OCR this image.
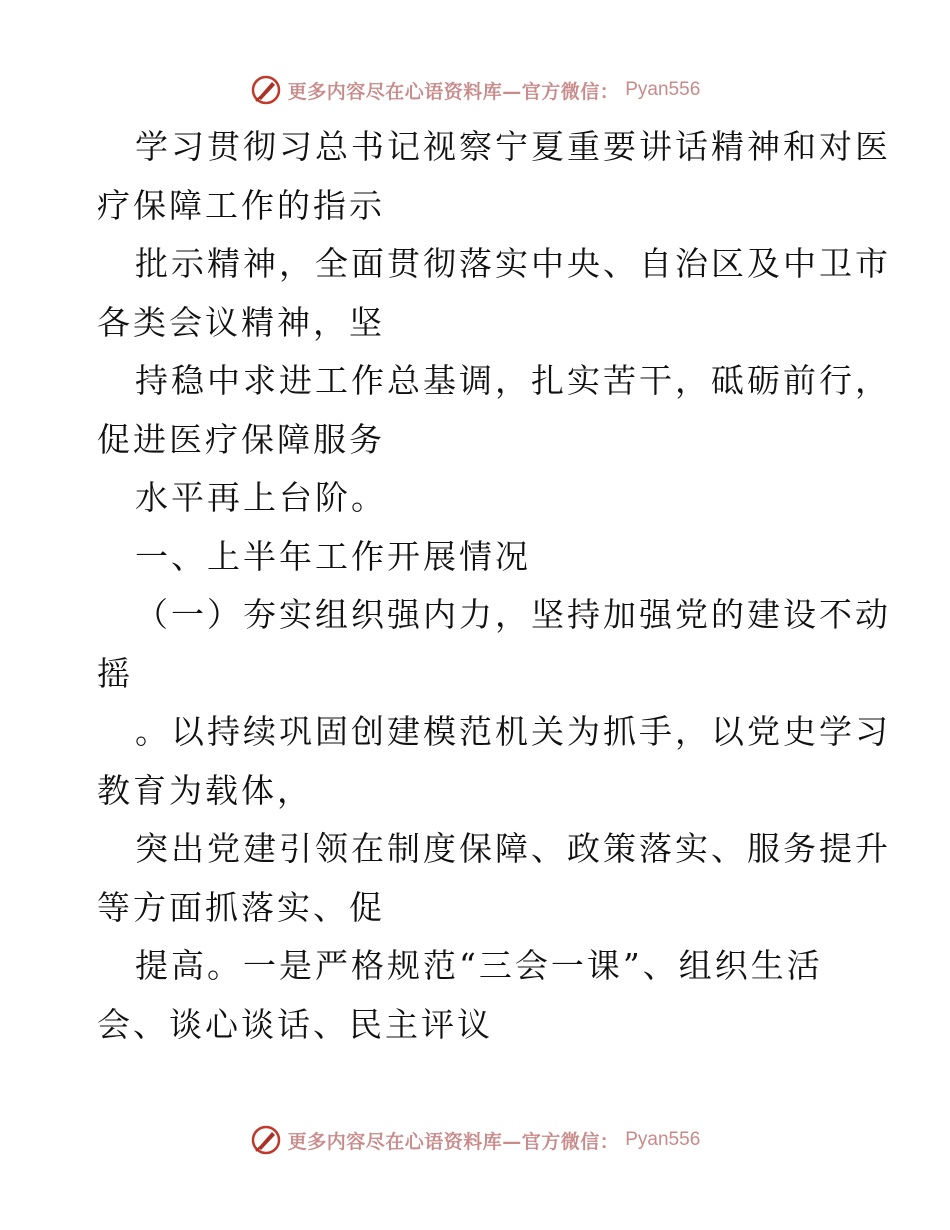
更多内容尽在心语资料库—官方微信： Pyan556
学习贯彻习总书记视察宁夏重要讲话精神和对医
疗保障工作的指示
批示精神，全面贯彻落实中央、自治区及中卫市
各类会议精神，坚
持稳中求进工作总基调，扎实苦干，砥砺前行，
促进医疗保障服务
水平再上台阶。
一、上半年工作开展情况
（一）夯实组织强内力，坚持加强党的建设不动
摇
。以持续巩固创建模范机关为抓手，以党史学习
教育为载体，
突出党建引领在制度保障、政策落实、服务提升
等方面抓落实、促
提高。一是严格规范“三会一课”、组织生活
会、谈心谈话、民主评议
更多内容尽在心语资料库—官方微信： Pyan556
